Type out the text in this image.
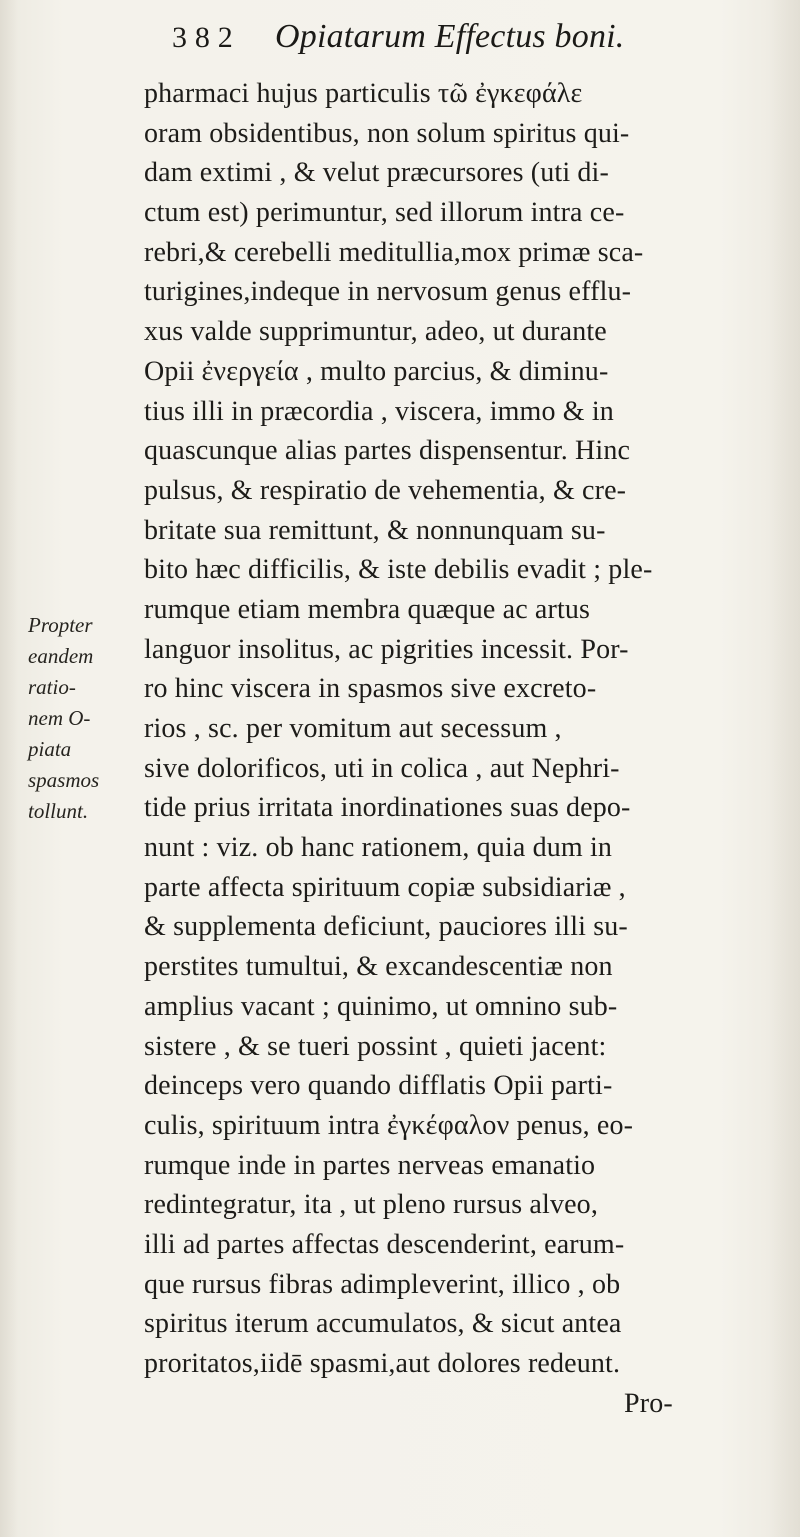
3 8 2 Opiatarum Effectus boni.
Propter
eandem
ratio-
nem O-
piata
spasmos
tollunt.
pharmaci hujus particulis τῶ ἐγκεφάλε
oram obsidentibus, non solum spiritus qui-
dam extimi , & velut præcursores (uti di-
ctum est) perimuntur, sed illorum intra ce-
rebri,& cerebelli meditullia,mox primæ sca-
turigines,indeque in nervosum genus efflu-
xus valde supprimuntur, adeo, ut durante
Opii ἐνεργεία , multo parcius, & diminu-
tius illi in præcordia , viscera, immo & in
quascunque alias partes dispensentur. Hinc
pulsus, & respiratio de vehementia, & cre-
britate sua remittunt, & nonnunquam su-
bito hæc difficilis, & iste debilis evadit ; ple-
rumque etiam membra quæque ac artus
languor insolitus, ac pigrities incessit. Por-
ro hinc viscera in spasmos sive excreto-
rios , sc. per vomitum aut secessum ,
sive dolorificos, uti in colica , aut Nephri-
tide prius irritata inordinationes suas depo-
nunt : viz. ob hanc rationem, quia dum in
parte affecta spirituum copiæ subsidiariæ ,
& supplementa deficiunt, pauciores illi su-
perstites tumultui, & excandescentiæ non
amplius vacant ; quinimo, ut omnino sub-
sistere , & se tueri possint , quieti jacent:
deinceps vero quando difflatis Opii parti-
culis, spirituum intra ἐγκέφαλον penus, eo-
rumque inde in partes nerveas emanatio
redintegratur, ita , ut pleno rursus alveo,
illi ad partes affectas descenderint, earum-
que rursus fibras adimpleverint, illico , ob
spiritus iterum accumulatos, & sicut antea
proritatos,iidē spasmi,aut dolores redeunt.
Pro-
